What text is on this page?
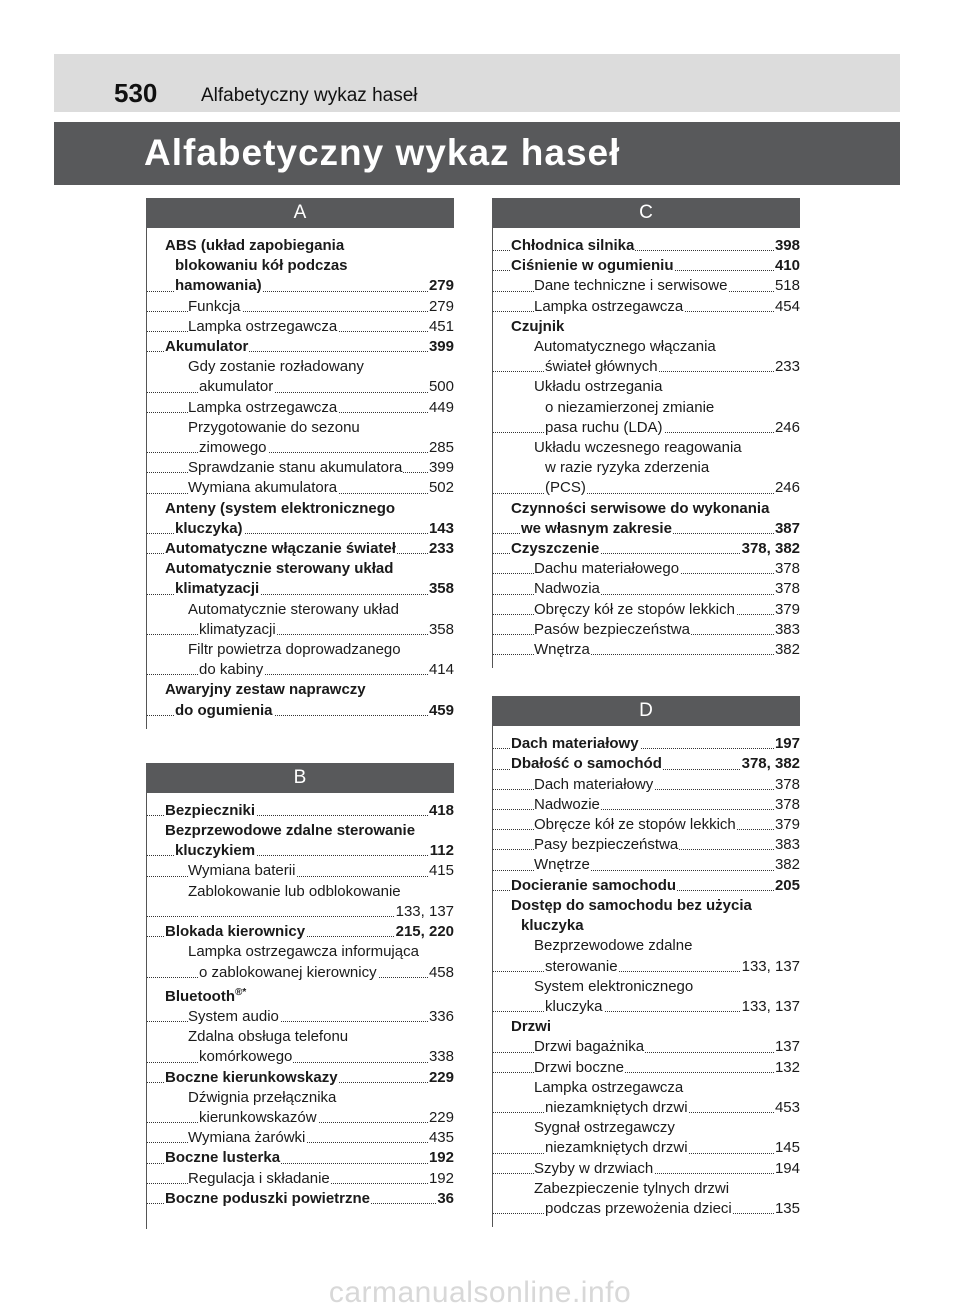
530 Alfabetyczny wykaz haseł
Alfabetyczny wykaz haseł
A
ABS (układ zapobiegania
blokowaniu kół podczas
hamowania)	279
Funkcja	279
Lampka ostrzegawcza	451
Akumulator	399
Gdy zostanie rozładowany
akumulator	500
Lampka ostrzegawcza	449
Przygotowanie do sezonu
zimowego	285
Sprawdzanie stanu akumulatora 399
Wymiana akumulatora	502
Anteny (system elektronicznego
kluczyka)	143
Automatyczne włączanie świateł 233
Automatycznie sterowany układ
klimatyzacji	358
Automatycznie sterowany układ
klimatyzacji	358
Filtr powietrza doprowadzanego
do kabiny	414
Awaryjny zestaw naprawczy
do ogumienia	459
B
Bezpieczniki	418
Bezprzewodowe zdalne sterowanie
kluczykiem	112
Wymiana baterii	415
Zablokowanie lub odblokowanie
133, 137
Blokada kierownicy	215, 220
Lampka ostrzegawcza informująca
o zablokowanej kierownicy	458
Bluetooth®*
System audio	336
Zdalna obsługa telefonu
komórkowego	338
Boczne kierunkowskazy	229
Dźwignia przełącznika
kierunkowskazów	229
Wymiana żarówki	435
Boczne lusterka	192
Regulacja i składanie	192
Boczne poduszki powietrzne	36
C
Chłodnica silnika	398
Ciśnienie w ogumieniu	410
Dane techniczne i serwisowe	518
Lampka ostrzegawcza	454
Czujnik
Automatycznego włączania
świateł głównych	233
Układu ostrzegania
o niezamierzonej zmianie
pasa ruchu (LDA)	246
Układu wczesnego reagowania
w razie ryzyka zderzenia
(PCS)	246
Czynności serwisowe do wykonania
we własnym zakresie	387
Czyszczenie	378, 382
Dachu materiałowego	378
Nadwozia	378
Obręczy kół ze stopów lekkich	379
Pasów bezpieczeństwa	383
Wnętrza	382
D
Dach materiałowy	197
Dbałość o samochód	378, 382
Dach materiałowy	378
Nadwozie	378
Obręcze kół ze stopów lekkich	379
Pasy bezpieczeństwa	383
Wnętrze	382
Docieranie samochodu	205
Dostęp do samochodu bez użycia
kluczyka
Bezprzewodowe zdalne
sterowanie	133, 137
System elektronicznego
kluczyka	133, 137
Drzwi
Drzwi bagażnika	137
Drzwi boczne	132
Lampka ostrzegawcza
niezamkniętych drzwi	453
Sygnał ostrzegawczy
niezamkniętych drzwi	145
Szyby w drzwiach	194
Zabezpieczenie tylnych drzwi
podczas przewożenia dzieci	135
carmanualsonline.info
